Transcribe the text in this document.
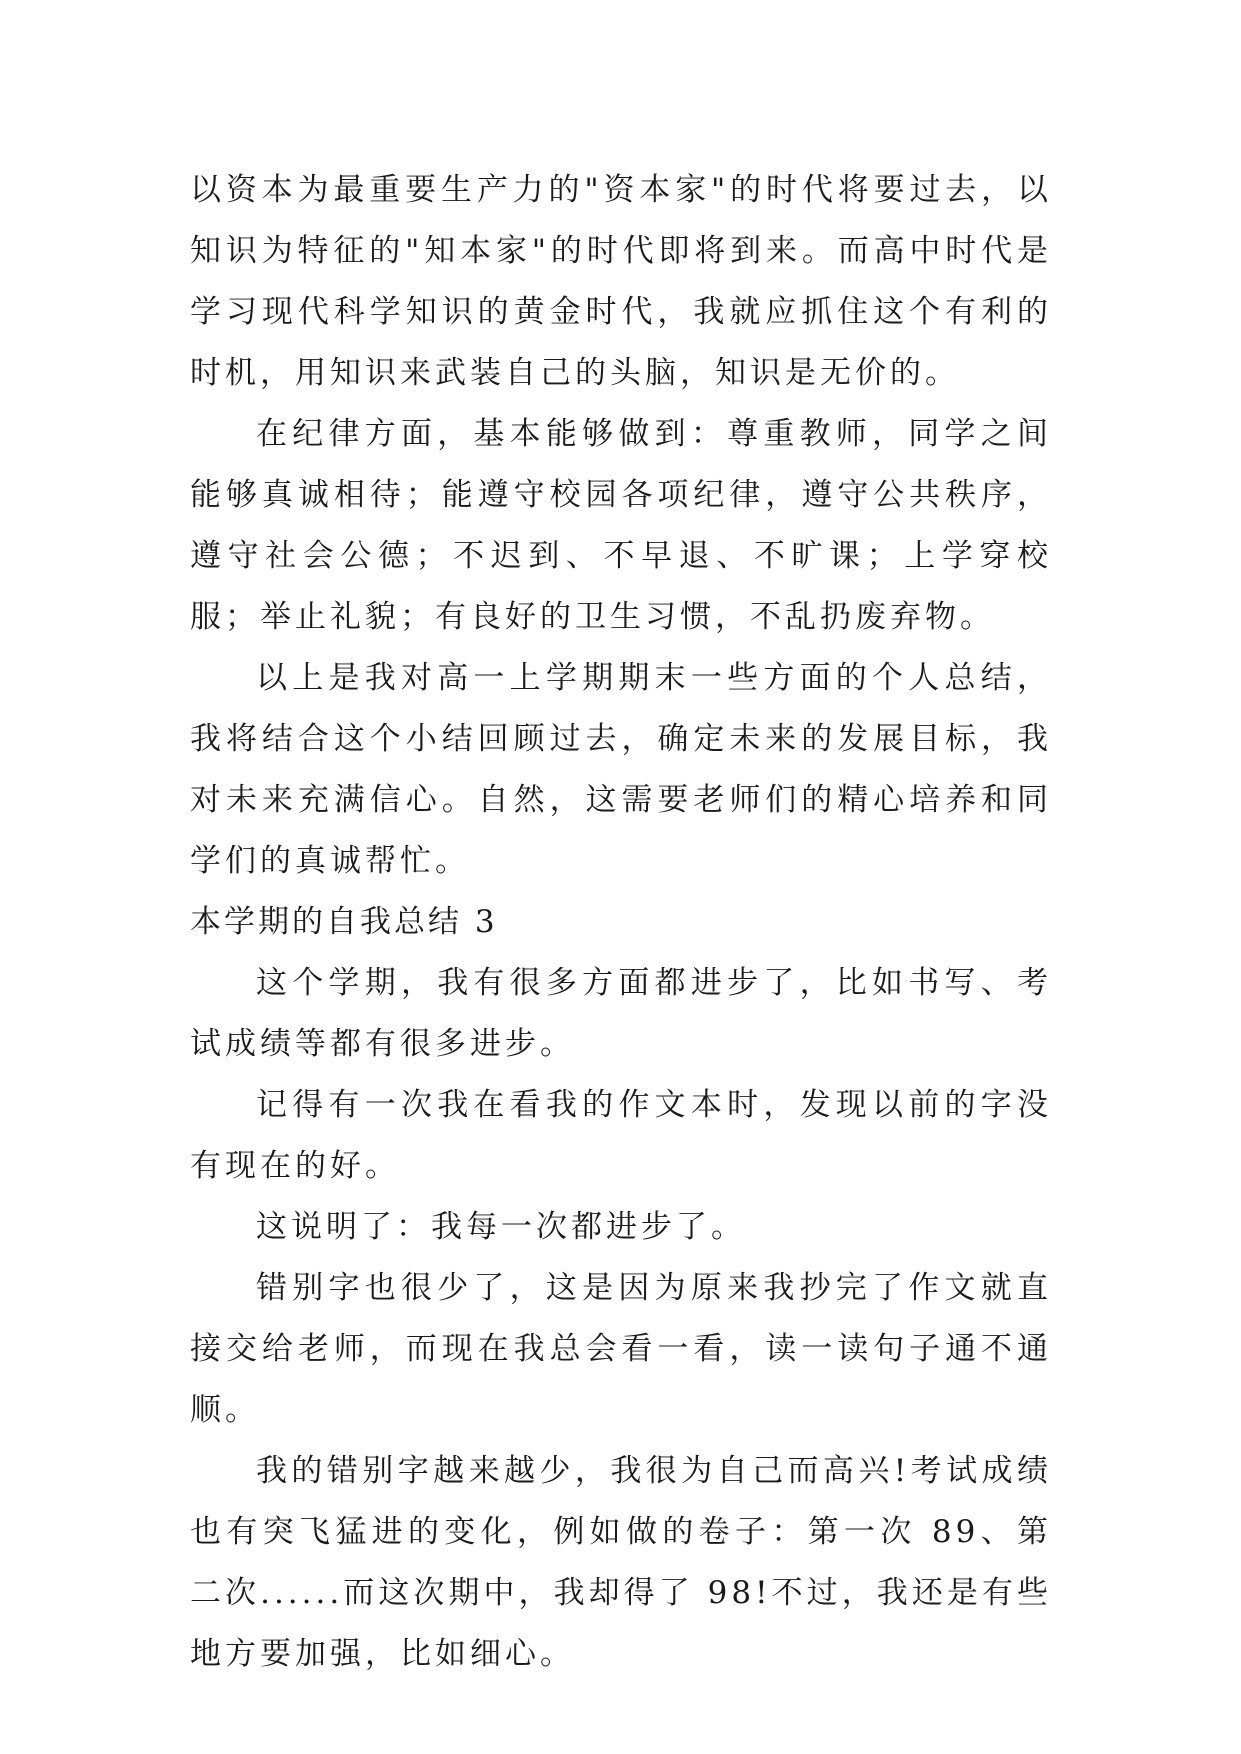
以资本为最重要生产力的"资本家"的时代将要过去，以知识为特征的"知本家"的时代即将到来。而高中时代是学习现代科学知识的黄金时代，我就应抓住这个有利的时机，用知识来武装自己的头脑，知识是无价的。

在纪律方面，基本能够做到：尊重教师，同学之间能够真诚相待；能遵守校园各项纪律，遵守公共秩序，遵守社会公德；不迟到、不早退、不旷课；上学穿校服；举止礼貌；有良好的卫生习惯，不乱扔废弃物。

以上是我对高一上学期期末一些方面的个人总结，我将结合这个小结回顾过去，确定未来的发展目标，我对未来充满信心。自然，这需要老师们的精心培养和同学们的真诚帮忙。

本学期的自我总结 3

这个学期，我有很多方面都进步了，比如书写、考试成绩等都有很多进步。

记得有一次我在看我的作文本时，发现以前的字没有现在的好。

这说明了：我每一次都进步了。

错别字也很少了，这是因为原来我抄完了作文就直接交给老师，而现在我总会看一看，读一读句子通不通顺。

我的错别字越来越少，我很为自己而高兴!考试成绩也有突飞猛进的变化，例如做的卷子：第一次 89、第二次......而这次期中，我却得了 98!不过，我还是有些地方要加强，比如细心。
